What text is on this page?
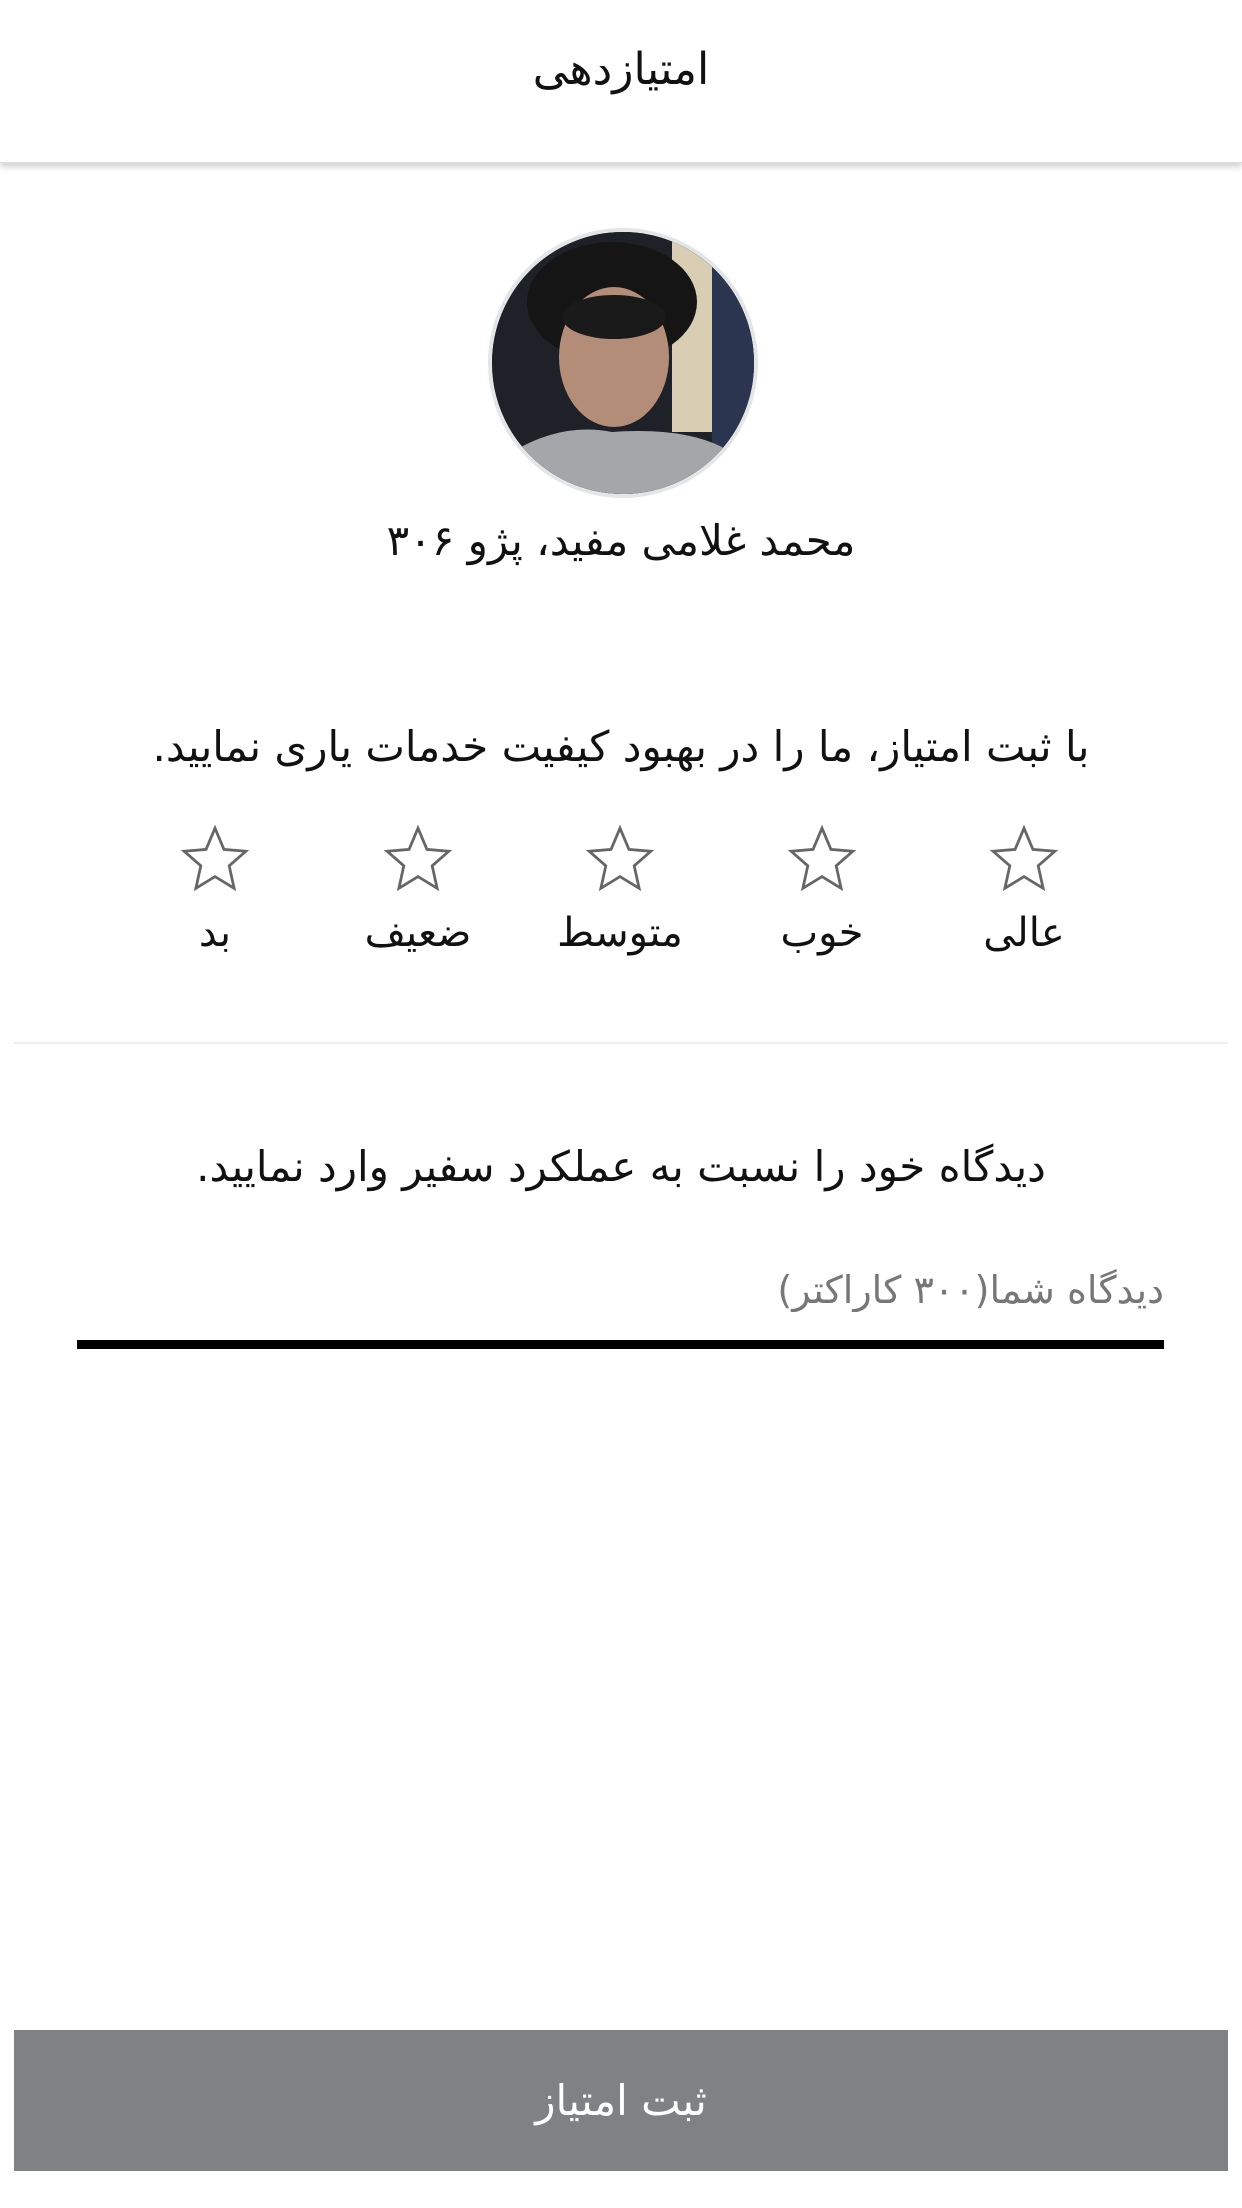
امتیازدهی
محمد غلامی مفید، پژو ۳۰۶
با ثبت امتیاز، ما را در بهبود کیفیت خدمات یاری نمایید.
عالی
خوب
متوسط
ضعیف
بد
دیدگاه خود را نسبت به عملکرد سفیر وارد نمایید.
دیدگاه شما(۳۰۰ کاراکتر)
ثبت امتیاز
